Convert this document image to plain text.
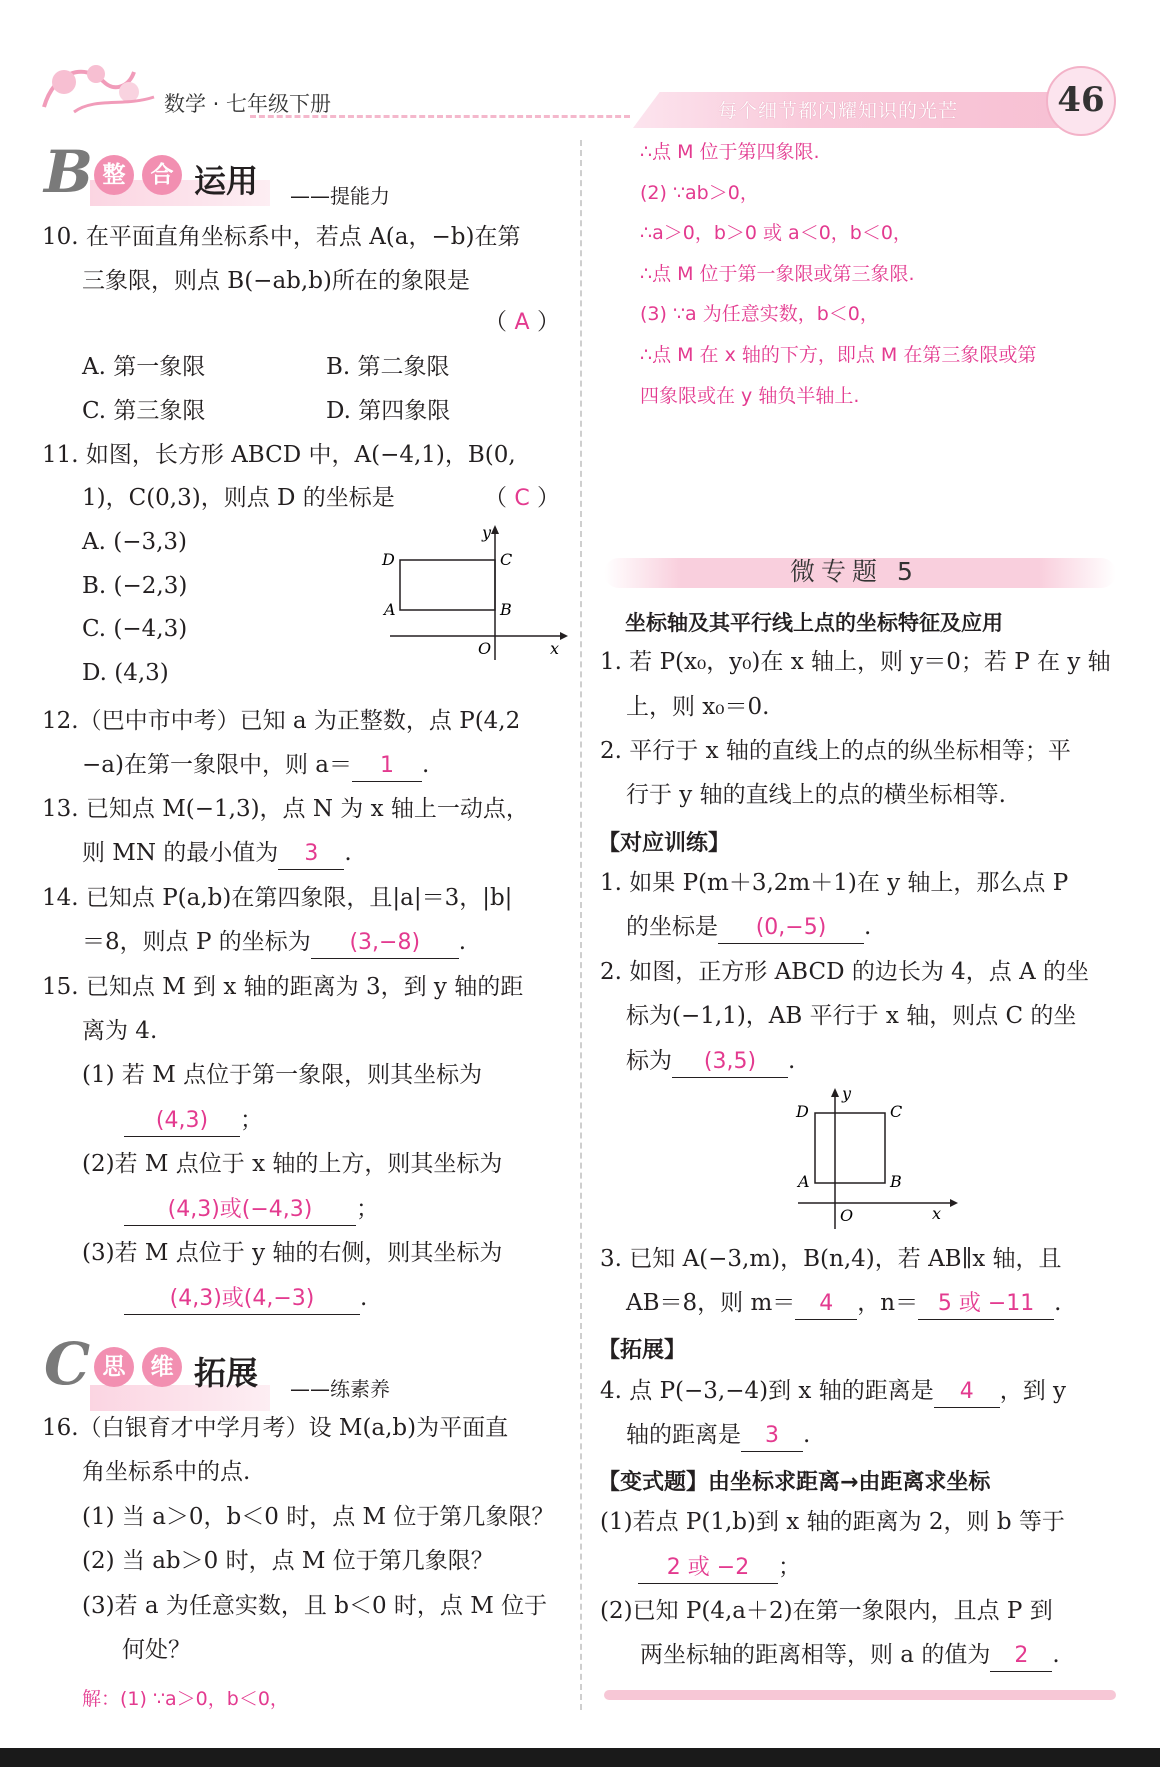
数学 · 七年级下册	每个细节都闪耀知识的光芒	46
B 整	合 运用 ——提能力
10. 在平面直角坐标系中，若点 A(a，−b)在第
三象限，则点 B(−ab,b)所在的象限是
（ A ）
A. 第一象限	B. 第二象限
C. 第三象限	D. 第四象限
11. 如图，长方形 ABCD 中，A(−4,1)，B(0,
1)，C(0,3)，则点 D 的坐标是	（ C ）
A. (−3,3)
B. (−2,3)
C. (−4,3)
D. (4,3)
D	C
A	B
O	x
y
12.（巴中市中考）已知 a 为正整数，点 P(4,2
−a)在第一象限中，则 a＝ 1 .
13. 已知点 M(−1,3)，点 N 为 x 轴上一动点，
则 MN 的最小值为 3 .
14. 已知点 P(a,b)在第四象限，且|a|＝3，|b|
＝8，则点 P 的坐标为 (3,−8) .
15. 已知点 M 到 x 轴的距离为 3，到 y 轴的距
离为 4.
(1) 若 M 点位于第一象限，则其坐标为
(4,3) ；
(2)若 M 点位于 x 轴的上方，则其坐标为
(4,3)或(−4,3) ；
(3)若 M 点位于 y 轴的右侧，则其坐标为
(4,3)或(4,−3) .
C 思	维 拓展 ——练素养
16.（白银育才中学月考）设 M(a,b)为平面直
角坐标系中的点.
(1) 当 a＞0，b＜0 时，点 M 位于第几象限？
(2) 当 ab＞0 时，点 M 位于第几象限？
(3)若 a 为任意实数，且 b＜0 时，点 M 位于
何处？
解：(1) ∵a＞0，b＜0，
∴点 M 位于第四象限.
(2) ∵ab＞0，
∴a＞0，b＞0 或 a＜0，b＜0，
∴点 M 位于第一象限或第三象限.
(3) ∵a 为任意实数，b＜0，
∴点 M 在 x 轴的下方，即点 M 在第三象限或第
四象限或在 y 轴负半轴上.
微专题 5
坐标轴及其平行线上点的坐标特征及应用
1. 若 P(x₀，y₀)在 x 轴上，则 y＝0；若 P 在 y 轴
上，则 x₀＝0.
2. 平行于 x 轴的直线上的点的纵坐标相等；平
行于 y 轴的直线上的点的横坐标相等.
【对应训练】
1. 如果 P(m＋3,2m＋1)在 y 轴上，那么点 P
的坐标是 (0,−5) .
2. 如图，正方形 ABCD 的边长为 4，点 A 的坐
标为(−1,1)，AB 平行于 x 轴，则点 C 的坐
标为 (3,5) .
D	C
A	B
O	x
y
3. 已知 A(−3,m)，B(n,4)，若 AB∥x 轴，且
AB＝8，则 m＝ 4 ，n＝ 5 或 −11 .
【拓展】
4. 点 P(−3,−4)到 x 轴的距离是 4 ，到 y
轴的距离是 3 .
【变式题】由坐标求距离→由距离求坐标
(1)若点 P(1,b)到 x 轴的距离为 2，则 b 等于
2 或 −2 ；
(2)已知 P(4,a＋2)在第一象限内，且点 P 到
两坐标轴的距离相等，则 a 的值为 2 .
